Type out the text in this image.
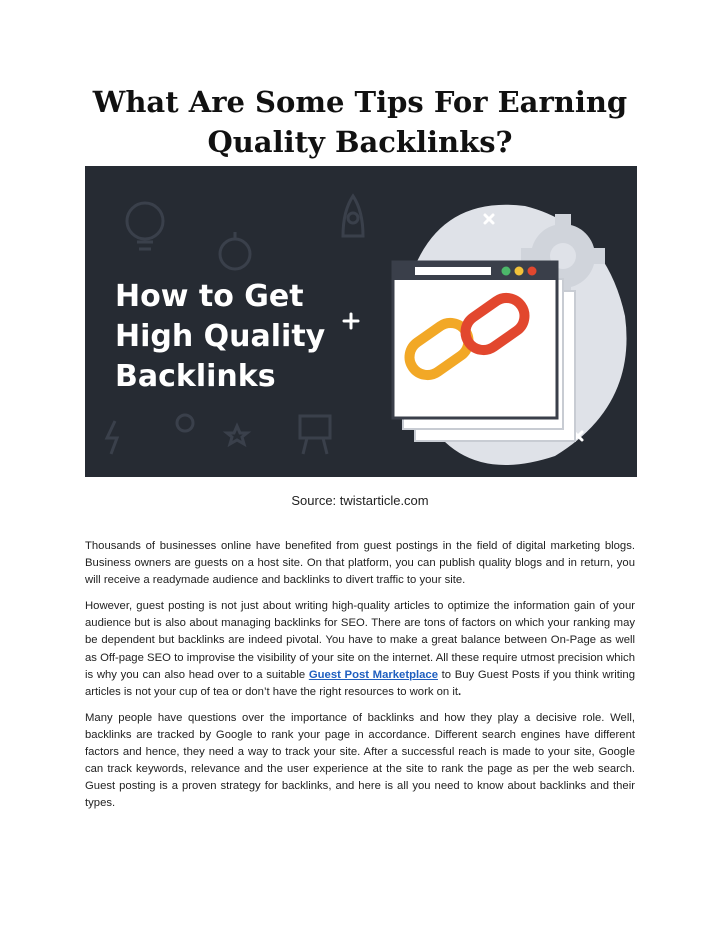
What Are Some Tips For Earning Quality Backlinks?
How to Get
High Quality
Backlinks
Source: twistarticle.com

Thousands of businesses online have benefited from guest postings in the field of digital marketing blogs. Business owners are guests on a host site. On that platform, you can publish quality blogs and in return, you will receive a readymade audience and backlinks to divert traffic to your site.

However, guest posting is not just about writing high-quality articles to optimize the information gain of your audience but is also about managing backlinks for SEO. There are tons of factors on which your ranking may be dependent but backlinks are indeed pivotal. You have to make a great balance between On-Page as well as Off-page SEO to improvise the visibility of your site on the internet. All these require utmost precision which is why you can also head over to a suitable Guest Post Marketplace to Buy Guest Posts if you think writing articles is not your cup of tea or don’t have the right resources to work on it.

Many people have questions over the importance of backlinks and how they play a decisive role. Well, backlinks are tracked by Google to rank your page in accordance. Different search engines have different factors and hence, they need a way to track your site. After a successful reach is made to your site, Google can track keywords, relevance and the user experience at the site to rank the page as per the web search. Guest posting is a proven strategy for backlinks, and here is all you need to know about backlinks and their types.
